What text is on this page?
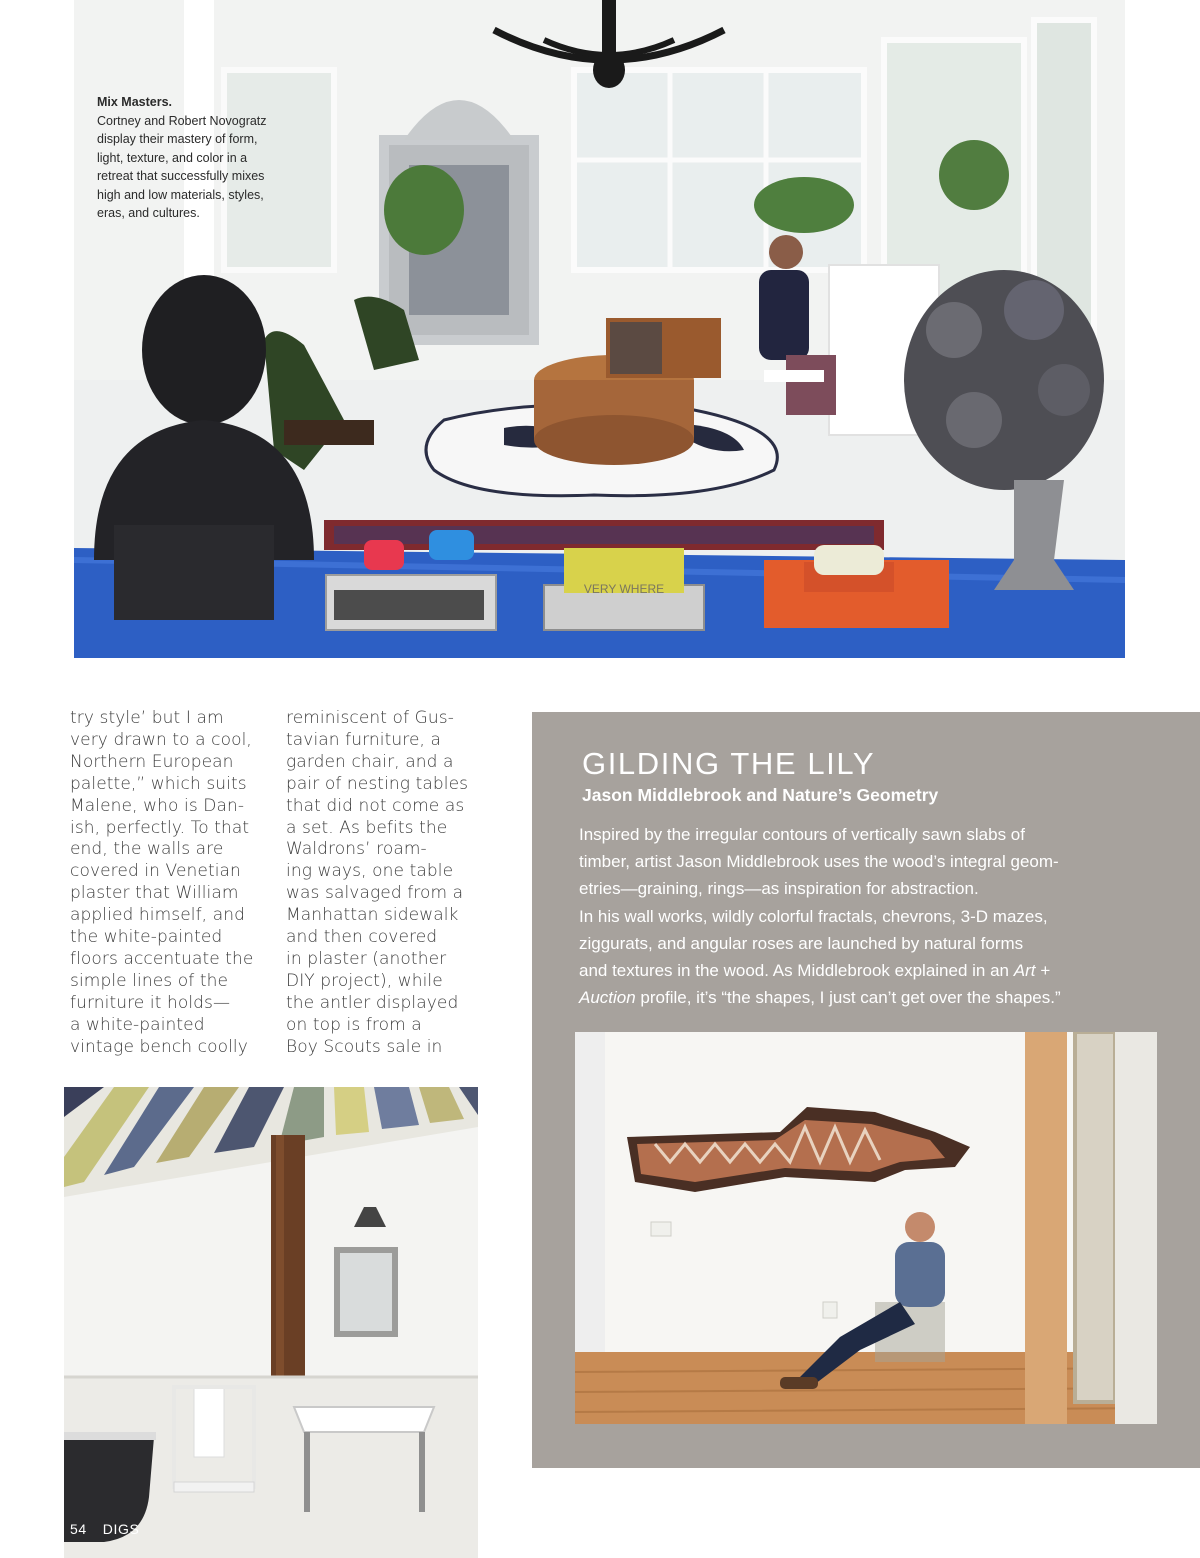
VERY WHERE
Mix Masters.
Cortney and Robert Novogratz
display their mastery of form,
light, texture, and color in a
retreat that successfully mixes
high and low materials, styles,
eras, and cultures.
try style’ but I am
very drawn to a cool,
Northern European
palette,” which suits
Malene, who is Dan-
ish, perfectly. To that
end, the walls are
covered in Venetian
plaster that William
applied himself, and
the white-painted
floors accentuate the
simple lines of the
furniture it holds—
a white-painted
vintage bench coolly
reminiscent of Gus-
tavian furniture, a
garden chair, and a
pair of nesting tables
that did not come as
a set. As befits the
Waldrons’ roam-
ing ways, one table
was salvaged from a
Manhattan sidewalk
and then covered
in plaster (another
DIY project), while
the antler displayed
on top is from a
Boy Scouts sale in
GILDING THE LILY
Jason Middlebrook and Nature’s Geometry
Inspired by the irregular contours of vertically sawn slabs of
timber, artist Jason Middlebrook uses the wood’s integral geom-
etries—graining, rings—as inspiration for abstraction.
In his wall works, wildly colorful fractals, chevrons, 3-D mazes,
ziggurats, and angular roses are launched by natural forms
and textures in the wood. As Middlebrook explained in an Art +
Auction profile, it’s “the shapes, I just can’t get over the shapes.”
54 DIGS
